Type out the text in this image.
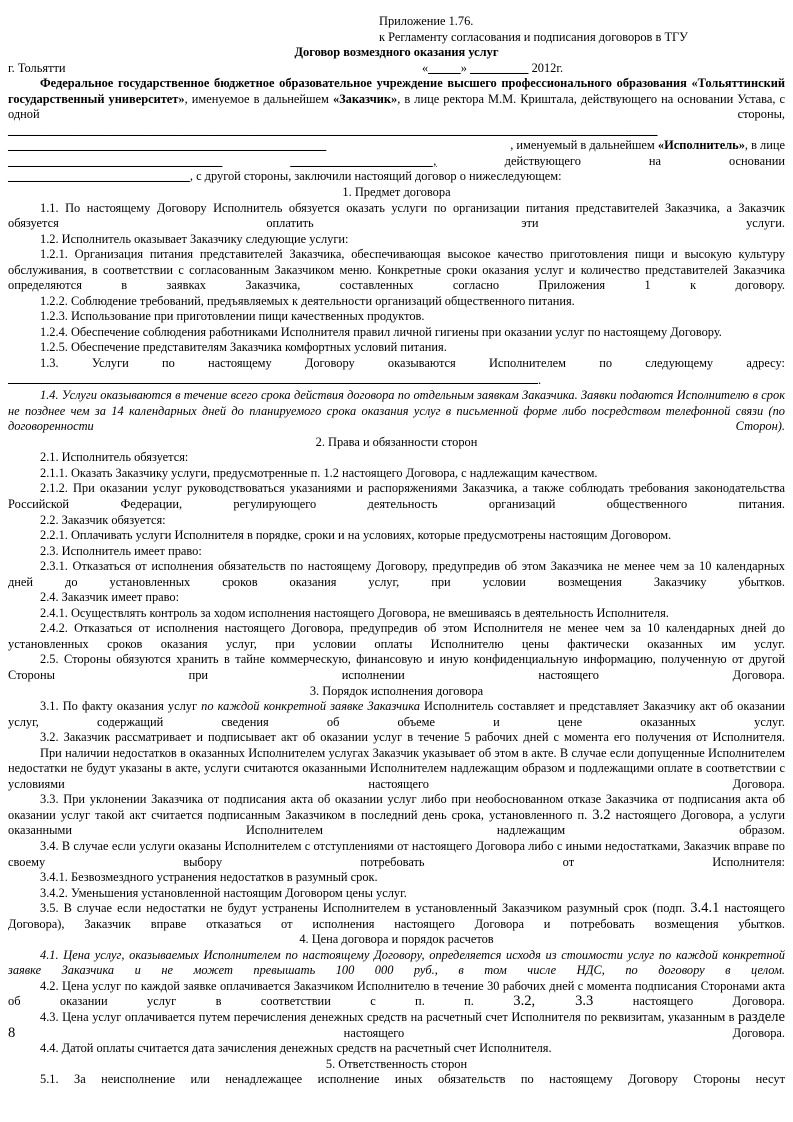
Приложение 1.76.
к Регламенту согласования и подписания договоров в ТГУ
Договор возмездного оказания услуг
г. Тольятти	«_____» _________ 2012г.

Федеральное государственное бюджетное образовательное учреждение высшего профессионального образования «Тольяттинский государственный университет», именуемое в дальнейшем «Заказчик», в лице ректора М.М. Криштала, действующего на основании Устава, с одной стороны,

____________________________________________________________________________________________________
_________________________________________________	, именуемый в дальнейшем «Исполнитель», в лице
_________________________________	______________________,	действующего	на	основании
____________________________, с другой стороны, заключили настоящий договор о нижеследующем:

1. Предмет договора

1.1. По настоящему Договору Исполнитель обязуется оказать услуги по организации питания представителей Заказчика, а Заказчик обязуется оплатить эти услуги.

1.2. Исполнитель оказывает Заказчику следующие услуги:

1.2.1. Организация питания представителей Заказчика, обеспечивающая высокое качество приготовления пищи и высокую культуру обслуживания, в соответствии с согласованным Заказчиком меню. Конкретные сроки оказания услуг и количество представителей Заказчика определяются в заявках Заказчика, составленных согласно Приложения 1 к договору.

1.2.2. Соблюдение требований, предъявляемых к деятельности организаций общественного питания.

1.2.3. Использование при приготовлении пищи качественных продуктов.

1.2.4. Обеспечение соблюдения работниками Исполнителя правил личной гигиены при оказании услуг по настоящему Договору.

1.2.5. Обеспечение представителям Заказчика комфортных условий питания.

1.3. Услуги по настоящему Договору оказываются Исполнителем по следующему адресу:

.

1.4. Услуги оказываются в течение всего срока действия договора по отдельным заявкам Заказчика. Заявки подаются Исполнителю в срок не позднее чем за 14 календарных дней до планируемого срока оказания услуг в письменной форме либо посредством телефонной связи (по договоренности Сторон).

2. Права и обязанности сторон

2.1. Исполнитель обязуется:

2.1.1. Оказать Заказчику услуги, предусмотренные п. 1.2 настоящего Договора, с надлежащим качеством.

2.1.2. При оказании услуг руководствоваться указаниями и распоряжениями Заказчика, а также соблюдать требования законодательства Российской Федерации, регулирующего деятельность организаций общественного питания.

2.2. Заказчик обязуется:

2.2.1. Оплачивать услуги Исполнителя в порядке, сроки и на условиях, которые предусмотрены настоящим Договором.

2.3. Исполнитель имеет право:

2.3.1. Отказаться от исполнения обязательств по настоящему Договору, предупредив об этом Заказчика не менее чем за 10 календарных дней до установленных сроков оказания услуг, при условии возмещения Заказчику убытков.

2.4. Заказчик имеет право:

2.4.1. Осуществлять контроль за ходом исполнения настоящего Договора, не вмешиваясь в деятельность Исполнителя.

2.4.2. Отказаться от исполнения настоящего Договора, предупредив об этом Исполнителя не менее чем за 10 календарных дней до установленных сроков оказания услуг, при условии оплаты Исполнителю цены фактически оказанных им услуг.

2.5. Стороны обязуются хранить в тайне коммерческую, финансовую и иную конфиденциальную информацию, полученную от другой Стороны при исполнении настоящего Договора.

3. Порядок исполнения договора

3.1. По факту оказания услуг по каждой конкретной заявке Заказчика Исполнитель составляет и представляет Заказчику акт об оказании услуг, содержащий сведения об объеме и цене оказанных услуг.

3.2. Заказчик рассматривает и подписывает акт об оказании услуг в течение 5 рабочих дней с момента его получения от Исполнителя.

При наличии недостатков в оказанных Исполнителем услугах Заказчик указывает об этом в акте. В случае если допущенные Исполнителем недостатки не будут указаны в акте, услуги считаются оказанными Исполнителем надлежащим образом и подлежащими оплате в соответствии с условиями настоящего Договора.

3.3. При уклонении Заказчика от подписания акта об оказании услуг либо при необоснованном отказе Заказчика от подписания акта об оказании услуг такой акт считается подписанным Заказчиком в последний день срока, установленного п. 3.2 настоящего Договора, а услуги оказанными Исполнителем надлежащим образом.

3.4. В случае если услуги оказаны Исполнителем с отступлениями от настоящего Договора либо с иными недостатками, Заказчик вправе по своему выбору потребовать от Исполнителя:

3.4.1. Безвозмездного устранения недостатков в разумный срок.

3.4.2. Уменьшения установленной настоящим Договором цены услуг.

3.5. В случае если недостатки не будут устранены Исполнителем в установленный Заказчиком разумный срок (подп. 3.4.1 настоящего Договора), Заказчик вправе отказаться от исполнения настоящего Договора и потребовать возмещения убытков.

4. Цена договора и порядок расчетов

4.1. Цена услуг, оказываемых Исполнителем по настоящему Договору, определяется исходя из стоимости услуг по каждой конкретной заявке Заказчика и не может превышать 100 000 руб., в том числе НДС, по договору в целом.

4.2. Цена услуг по каждой заявке оплачивается Заказчиком Исполнителю в течение 30 рабочих дней с момента подписания Сторонами акта об оказании услуг в соответствии с п. п. 3.2, 3.3 настоящего Договора.

4.3. Цена услуг оплачивается путем перечисления денежных средств на расчетный счет Исполнителя по реквизитам, указанным в разделе 8 настоящего Договора.

4.4. Датой оплаты считается дата зачисления денежных средств на расчетный счет Исполнителя.

5. Ответственность сторон

5.1. За неисполнение или ненадлежащее исполнение иных обязательств по настоящему Договору Стороны несут
